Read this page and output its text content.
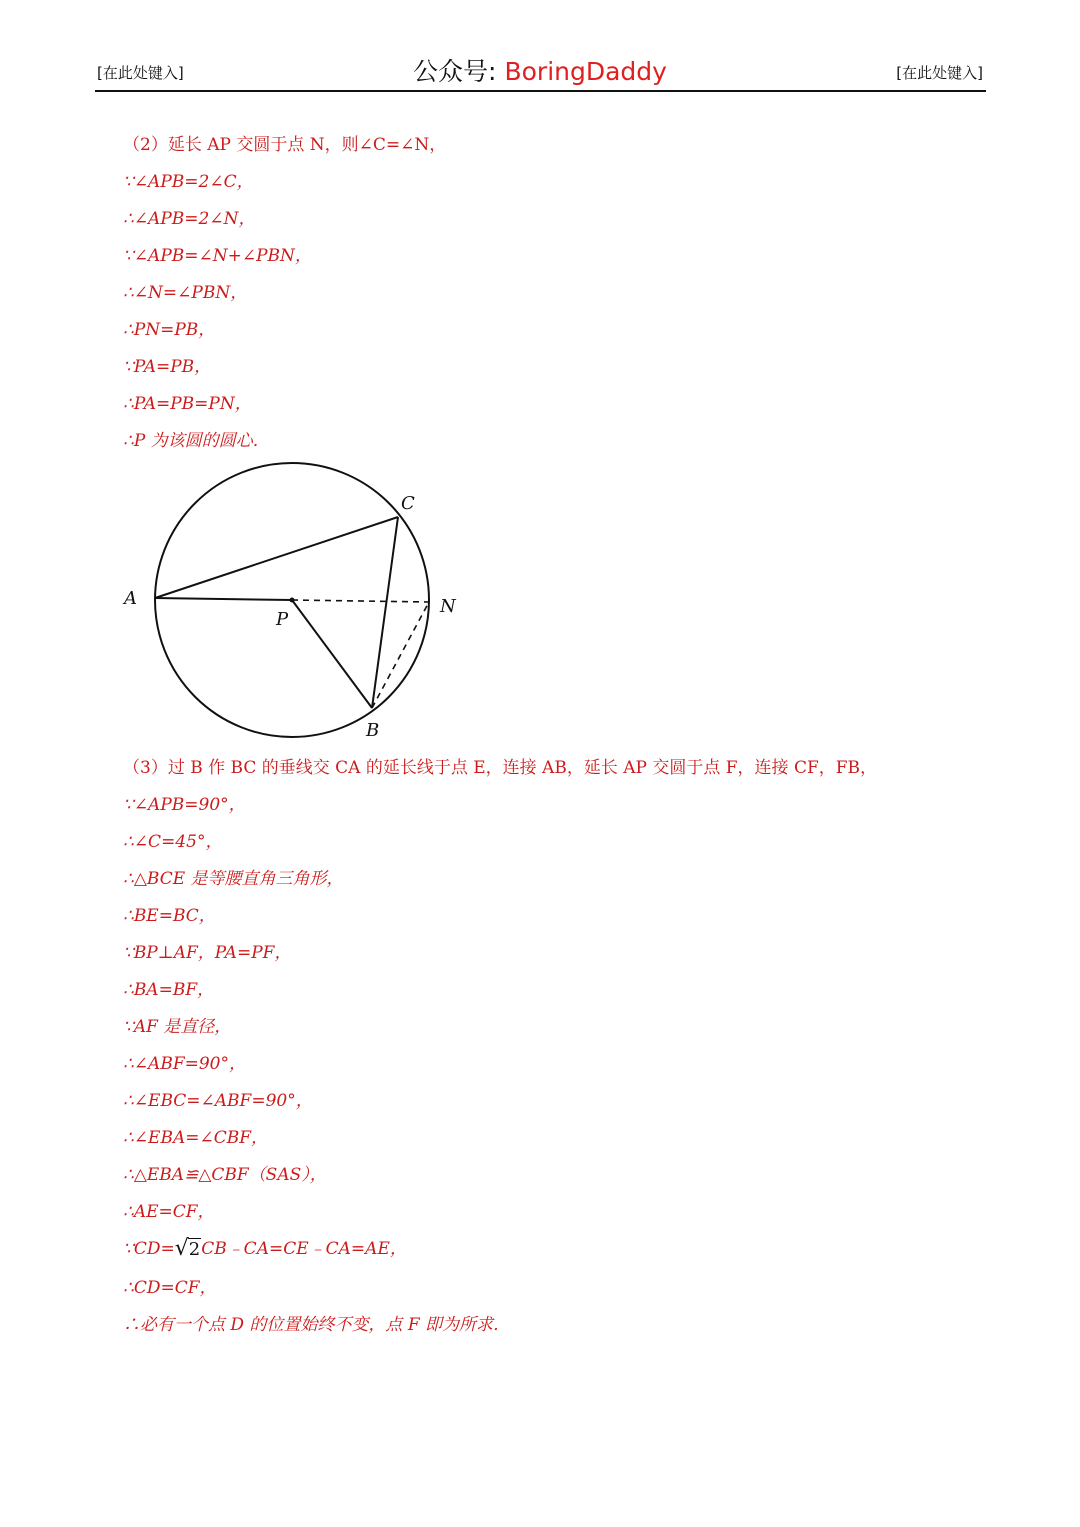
[在此处键入]	公众号: BoringDaddy	[在此处键入]
（2）延长 AP 交圆于点 N，则∠C=∠N，
∵∠APB=2∠C，
∴∠APB=2∠N，
∵∠APB=∠N+∠PBN，
∴∠N=∠PBN，
∴PN=PB，
∵PA=PB，
∴PA=PB=PN，
∴P 为该圆的圆心．
A
C
N
P
B
（3）过 B 作 BC 的垂线交 CA 的延长线于点 E，连接 AB，延长 AP 交圆于点 F，连接 CF，FB，
∵∠APB=90°，
∴∠C=45°，
∴△BCE 是等腰直角三角形，
∴BE=BC，
∵BP⊥AF，PA=PF，
∴BA=BF，
∵AF 是直径，
∴∠ABF=90°，
∴∠EBC=∠ABF=90°，
∴∠EBA=∠CBF，
∴△EBA≌△CBF（SAS），
∴AE=CF，
∵CD=√2CB﹣CA=CE﹣CA=AE，
∴CD=CF，
∴必有一个点 D 的位置始终不变，点 F 即为所求．
